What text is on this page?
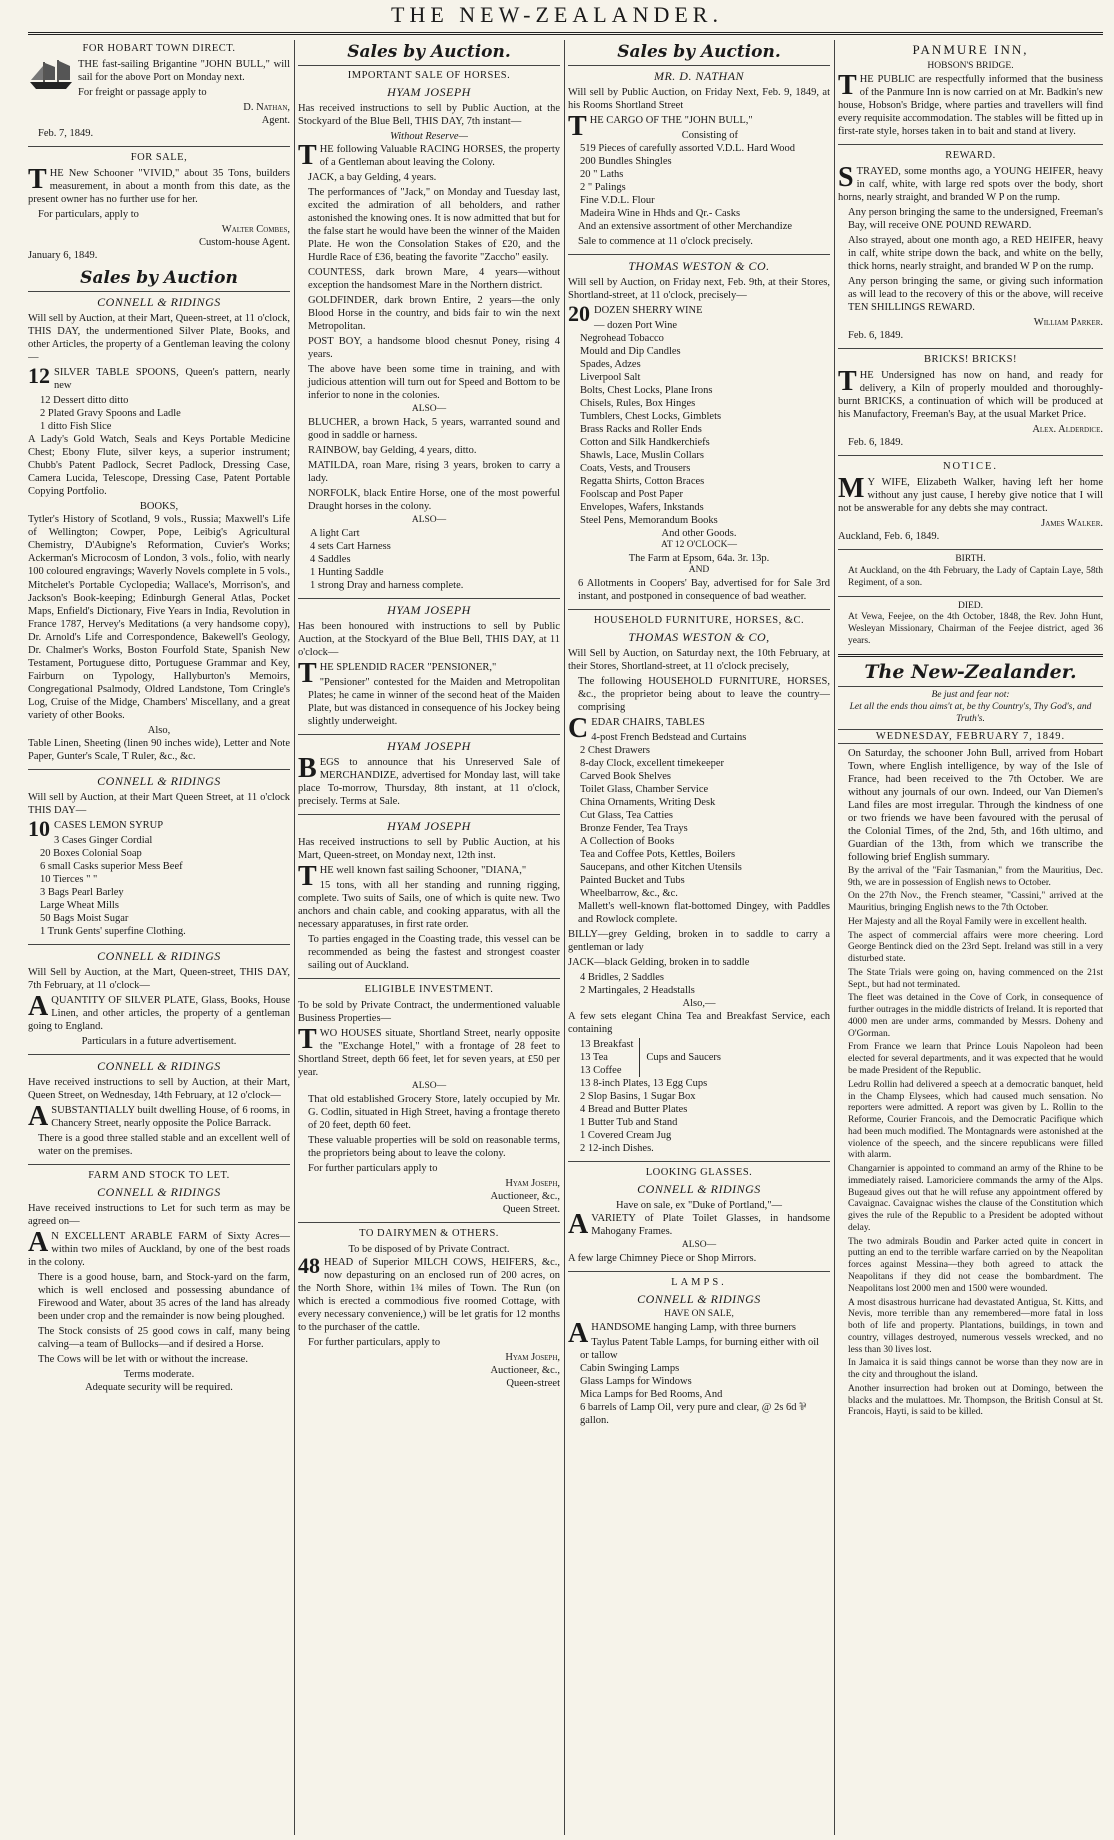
THE NEW-ZEALANDER.
FOR HOBART TOWN DIRECT.
THE fast-sailing Brigantine "JOHN BULL," will sail for the above Port on Monday next.
For freight or passage apply to
D. Nathan,
Agent.
Feb. 7, 1849.
FOR SALE,
THE New Schooner "VIVID," about 35 Tons, builders measurement, in about a month from this date, as the present owner has no further use for her.
For particulars, apply to
Walter Combes,
Custom-house Agent.
January 6, 1849.
Sales by Auction
CONNELL & RIDINGS
Will sell by Auction, at their Mart, Queen-street, at 11 o'clock, THIS DAY, the undermentioned Silver Plate, Books, and other Articles, the property of a Gentleman leaving the colony—
12 SILVER TABLE SPOONS, Queen's pattern, nearly new
12 Dessert ditto ditto
2 Plated Gravy Spoons and Ladle
1 ditto Fish Slice
A Lady's Gold Watch, Seals and Keys Portable Medicine Chest; Ebony Flute, silver keys, a superior instrument; Chubb's Patent Padlock, Secret Padlock, Dressing Case, Camera Lucida, Telescope, Dressing Case, Patent Portable Copying Portfolio.
BOOKS,
Tytler's History of Scotland, 9 vols., Russia; Maxwell's Life of Wellington; Cowper, Pope, Leibig's Agricultural Chemistry, D'Aubigne's Reformation, Cuvier's Works; Ackerman's Microcosm of London, 3 vols., folio, with nearly 100 coloured engravings; Waverly Novels complete in 5 vols., Mitchelet's Portable Cyclopedia; Wallace's, Morrison's, and Jackson's Book-keeping; Edinburgh General Atlas, Pocket Maps, Enfield's Dictionary, Five Years in India, Revolution in France 1787, Hervey's Meditations (a very handsome copy), Dr. Arnold's Life and Correspondence, Bakewell's Geology, Dr. Chalmer's Works, Boston Fourfold State, Spanish New Testament, Portuguese ditto, Portuguese Grammar and Key, Fairburn on Typology, Hallyburton's Memoirs, Congregational Psalmody, Oldred Landstone, Tom Cringle's Log, Cruise of the Midge, Chambers' Miscellany, and a great variety of other Books.
Also,
Table Linen, Sheeting (linen 90 inches wide), Letter and Note Paper, Gunter's Scale, T Ruler, &c., &c.
CONNELL & RIDINGS
Will sell by Auction, at their Mart Queen Street, at 11 o'clock THIS DAY—
10 CASES LEMON SYRUP
3 Cases Ginger Cordial
20 Boxes Colonial Soap
6 small Casks superior Mess Beef
10 Tierces " "
3 Bags Pearl Barley
Large Wheat Mills
50 Bags Moist Sugar
1 Trunk Gents' superfine Clothing.
CONNELL & RIDINGS
Will Sell by Auction, at the Mart, Queen-street, THIS DAY, 7th February, at 11 o'clock—
AQUANTITY OF SILVER PLATE, Glass, Books, House Linen, and other articles, the property of a gentleman going to England.
Particulars in a future advertisement.
CONNELL & RIDINGS
Have received instructions to sell by Auction, at their Mart, Queen Street, on Wednesday, 14th February, at 12 o'clock—
ASUBSTANTIALLY built dwelling House, of 6 rooms, in Chancery Street, nearly opposite the Police Barrack.
There is a good three stalled stable and an excellent well of water on the premises.
FARM AND STOCK TO LET.
CONNELL & RIDINGS
Have received instructions to Let for such term as may be agreed on—
AN EXCELLENT ARABLE FARM of Sixty Acres—within two miles of Auckland, by one of the best roads in the colony.
There is a good house, barn, and Stock-yard on the farm, which is well enclosed and possessing abundance of Firewood and Water, about 35 acres of the land has already been under crop and the remainder is now being ploughed.
The Stock consists of 25 good cows in calf, many being calving—a team of Bullocks—and if desired a Horse.
The Cows will be let with or without the increase.
Terms moderate.
Adequate security will be required.
Sales by Auction.
IMPORTANT SALE OF HORSES.
HYAM JOSEPH
Has received instructions to sell by Public Auction, at the Stockyard of the Blue Bell, THIS DAY, 7th instant—
Without Reserve—
THE following Valuable RACING HORSES, the property of a Gentleman about leaving the Colony.
JACK, a bay Gelding, 4 years.
The performances of "Jack," on Monday and Tuesday last, excited the admiration of all beholders, and rather astonished the knowing ones. It is now admitted that but for the false start he would have been the winner of the Maiden Plate. He won the Consolation Stakes of £20, and the Hurdle Race of £36, beating the favorite "Zaccho" easily.
COUNTESS, dark brown Mare, 4 years—without exception the handsomest Mare in the Northern district.
GOLDFINDER, dark brown Entire, 2 years—the only Blood Horse in the country, and bids fair to win the next Metropolitan.
POST BOY, a handsome blood chesnut Poney, rising 4 years.
The above have been some time in training, and with judicious attention will turn out for Speed and Bottom to be inferior to none in the colonies.
ALSO—
BLUCHER, a brown Hack, 5 years, warranted sound and good in saddle or harness.
RAINBOW, bay Gelding, 4 years, ditto.
MATILDA, roan Mare, rising 3 years, broken to carry a lady.
NORFOLK, black Entire Horse, one of the most powerful Draught horses in the colony.
ALSO—
A light Cart
4 sets Cart Harness
4 Saddles
1 Hunting Saddle
1 strong Dray and harness complete.
HYAM JOSEPH
Has been honoured with instructions to sell by Public Auction, at the Stockyard of the Blue Bell, THIS DAY, at 11 o'clock—
THE SPLENDID RACER "PENSIONER,"
"Pensioner" contested for the Maiden and Metropolitan Plates; he came in winner of the second heat of the Maiden Plate, but was distanced in consequence of his Jockey being slightly underweight.
HYAM JOSEPH
BEGS to announce that his Unreserved Sale of MERCHANDIZE, advertised for Monday last, will take place To-morrow, Thursday, 8th instant, at 11 o'clock, precisely. Terms at Sale.
HYAM JOSEPH
Has received instructions to sell by Public Auction, at his Mart, Queen-street, on Monday next, 12th inst.
THE well known fast sailing Schooner, "DIANA,"
15 tons, with all her standing and running rigging, complete. Two suits of Sails, one of which is quite new. Two anchors and chain cable, and cooking apparatus, with all the necessary apparatuses, in first rate order.
To parties engaged in the Coasting trade, this vessel can be recommended as being the fastest and strongest coaster sailing out of Auckland.
ELIGIBLE INVESTMENT.
To be sold by Private Contract, the undermentioned valuable Business Properties—
TWO HOUSES situate, Shortland Street, nearly opposite the "Exchange Hotel," with a frontage of 28 feet to Shortland Street, depth 66 feet, let for seven years, at £50 per year.
ALSO—
That old established Grocery Store, lately occupied by Mr. G. Codlin, situated in High Street, having a frontage thereto of 20 feet, depth 60 feet.
These valuable properties will be sold on reasonable terms, the proprietors being about to leave the colony.
For further particulars apply to
Hyam Joseph,
Auctioneer, &c.,
Queen Street.
TO DAIRYMEN & OTHERS.
To be disposed of by Private Contract.
48 HEAD of Superior MILCH COWS, HEIFERS, &c., now depasturing on an enclosed run of 200 acres, on the North Shore, within 1¾ miles of Town. The Run (on which is erected a commodious five roomed Cottage, with every necessary convenience,) will be let gratis for 12 months to the purchaser of the cattle.
For further particulars, apply to
Hyam Joseph,
Auctioneer, &c.,
Queen-street
Sales by Auction.
MR. D. NATHAN
Will sell by Public Auction, on Friday Next, Feb. 9, 1849, at his Rooms Shortland Street
THE CARGO OF THE "JOHN BULL,"
Consisting of
519 Pieces of carefully assorted V.D.L. Hard Wood
200 Bundles Shingles
20 " Laths
2 " Palings
Fine V.D.L. Flour
Madeira Wine in Hhds and Qr.- Casks
And an extensive assortment of other Merchandize
Sale to commence at 11 o'clock precisely.
THOMAS WESTON & CO.
Will sell by Auction, on Friday next, Feb. 9th, at their Stores, Shortland-street, at 11 o'clock, precisely—
20 DOZEN SHERRY WINE
— dozen Port Wine
Negrohead Tobacco
Mould and Dip Candles
Spades, Adzes
Liverpool Salt
Bolts, Chest Locks, Plane Irons
Chisels, Rules, Box Hinges
Tumblers, Chest Locks, Gimblets
Brass Racks and Roller Ends
Cotton and Silk Handkerchiefs
Shawls, Lace, Muslin Collars
Coats, Vests, and Trousers
Regatta Shirts, Cotton Braces
Foolscap and Post Paper
Envelopes, Wafers, Inkstands
Steel Pens, Memorandum Books
And other Goods.
AT 12 O'CLOCK—
The Farm at Epsom, 64a. 3r. 13p.
AND
6 Allotments in Coopers' Bay, advertised for for Sale 3rd instant, and postponed in consequence of bad weather.
HOUSEHOLD FURNITURE, HORSES, &C.
THOMAS WESTON & CO,
Will Sell by Auction, on Saturday next, the 10th February, at their Stores, Shortland-street, at 11 o'clock precisely,
The following HOUSEHOLD FURNITURE, HORSES, &c., the proprietor being about to leave the country—comprising
CEDAR CHAIRS, TABLES
4-post French Bedstead and Curtains
2 Chest Drawers
8-day Clock, excellent timekeeper
Carved Book Shelves
Toilet Glass, Chamber Service
China Ornaments, Writing Desk
Cut Glass, Tea Catties
Bronze Fender, Tea Trays
A Collection of Books
Tea and Coffee Pots, Kettles, Boilers
Saucepans, and other Kitchen Utensils
Painted Bucket and Tubs
Wheelbarrow, &c., &c.
Mallett's well-known flat-bottomed Dingey, with Paddles and Rowlock complete.
BILLY—grey Gelding, broken in to saddle to carry a gentleman or lady
JACK—black Gelding, broken in to saddle
4 Bridles, 2 Saddles
2 Martingales, 2 Headstalls
Also,—
A few sets elegant China Tea and Breakfast Service, each containing
13 Breakfast
13 Tea
13 Coffee
Cups and Saucers
13 8-inch Plates, 13 Egg Cups
2 Slop Basins, 1 Sugar Box
4 Bread and Butter Plates
1 Butter Tub and Stand
1 Covered Cream Jug
2 12-inch Dishes.
LOOKING GLASSES.
CONNELL & RIDINGS
Have on sale, ex "Duke of Portland,"—
AVARIETY of Plate Toilet Glasses, in handsome Mahogany Frames.
ALSO—
A few large Chimney Piece or Shop Mirrors.
LAMPS.
CONNELL & RIDINGS
HAVE ON SALE,
AHANDSOME hanging Lamp, with three burners
Taylus Patent Table Lamps, for burning either with oil or tallow
Cabin Swinging Lamps
Glass Lamps for Windows
Mica Lamps for Bed Rooms, And
6 barrels of Lamp Oil, very pure and clear, @ 2s 6d ⅌ gallon.
PANMURE INN,
HOBSON'S BRIDGE.
THE PUBLIC are respectfully informed that the business of the Panmure Inn is now carried on at Mr. Badkin's new house, Hobson's Bridge, where parties and travellers will find every requisite accommodation. The stables will be fitted up in first-rate style, horses taken in to bait and stand at livery.
REWARD.
STRAYED, some months ago, a YOUNG HEIFER, heavy in calf, white, with large red spots over the body, short horns, nearly straight, and branded W P on the rump.
Any person bringing the same to the undersigned, Freeman's Bay, will receive ONE POUND REWARD.
Also strayed, about one month ago, a RED HEIFER, heavy in calf, white stripe down the back, and white on the belly, thick horns, nearly straight, and branded W P on the rump.
Any person bringing the same, or giving such information as will lead to the recovery of this or the above, will receive TEN SHILLINGS REWARD.
William Parker.
Feb. 6, 1849.
BRICKS! BRICKS!
THE Undersigned has now on hand, and ready for delivery, a Kiln of properly moulded and thoroughly-burnt BRICKS, a continuation of which will be produced at his Manufactory, Freeman's Bay, at the usual Market Price.
Alex. Alderdice.
Feb. 6, 1849.
NOTICE.
MY WIFE, Elizabeth Walker, having left her home without any just cause, I hereby give notice that I will not be answerable for any debts she may contract.
James Walker.
Auckland, Feb. 6, 1849.
BIRTH.
At Auckland, on the 4th February, the Lady of Captain Laye, 58th Regiment, of a son.
DIED.
At Vewa, Feejee, on the 4th October, 1848, the Rev. John Hunt, Wesleyan Missionary, Chairman of the Feejee district, aged 36 years.
The New-Zealander.
Be just and fear not:
Let all the ends thou aims't at, be thy Country's, Thy God's, and Truth's.
WEDNESDAY, FEBRUARY 7, 1849.
On Saturday, the schooner John Bull, arrived from Hobart Town, where English intelligence, by way of the Isle of France, had been received to the 7th October. We are without any journals of our own. Indeed, our Van Diemen's Land files are most irregular. Through the kindness of one or two friends we have been favoured with the perusal of the Colonial Times, of the 2nd, 5th, and 16th ultimo, and Guardian of the 13th, from which we transcribe the following brief English summary.
By the arrival of the "Fair Tasmanian," from the Mauritius, Dec. 9th, we are in possession of English news to October.
On the 27th Nov., the French steamer, "Cassini," arrived at the Mauritius, bringing English news to the 7th October.
Her Majesty and all the Royal Family were in excellent health.
The aspect of commercial affairs were more cheering. Lord George Bentinck died on the 23rd Sept. Ireland was still in a very disturbed state.
The State Trials were going on, having commenced on the 21st Sept., but had not terminated.
The fleet was detained in the Cove of Cork, in consequence of further outrages in the middle districts of Ireland. It is reported that 4000 men are under arms, commanded by Messrs. Doheny and O'Gorman.
From France we learn that Prince Louis Napoleon had been elected for several departments, and it was expected that he would be made President of the Republic.
Ledru Rollin had delivered a speech at a democratic banquet, held in the Champ Elysees, which had caused much sensation. No reporters were admitted. A report was given by L. Rollin to the Reforme, Courier Francois, and the Democratic Pacifique which had been much modified. The Montagnards were astonished at the violence of the speech, and the sincere republicans were filled with alarm.
Changarnier is appointed to command an army of the Rhine to be immediately raised. Lamoriciere commands the army of the Alps. Bugeaud gives out that he will refuse any appointment offered by Cavaignac. Cavaignac wishes the clause of the Constitution which gives the rule of the Republic to a President be adopted without delay.
The two admirals Boudin and Parker acted quite in concert in putting an end to the terrible warfare carried on by the Neapolitan forces against Messina—they both agreed to attack the Neapolitans if they did not cease the bombardment. The Neapolitans lost 2000 men and 1500 were wounded.
A most disastrous hurricane had devastated Antigua, St. Kitts, and Nevis, more terrible than any remembered—more fatal in loss both of life and property. Plantations, buildings, in town and country, villages destroyed, numerous vessels wrecked, and no less than 30 lives lost.
In Jamaica it is said things cannot be worse than they now are in the city and throughout the island.
Another insurrection had broken out at Domingo, between the blacks and the mulattoes. Mr. Thompson, the British Consul at St. Francois, Hayti, is said to be killed.
